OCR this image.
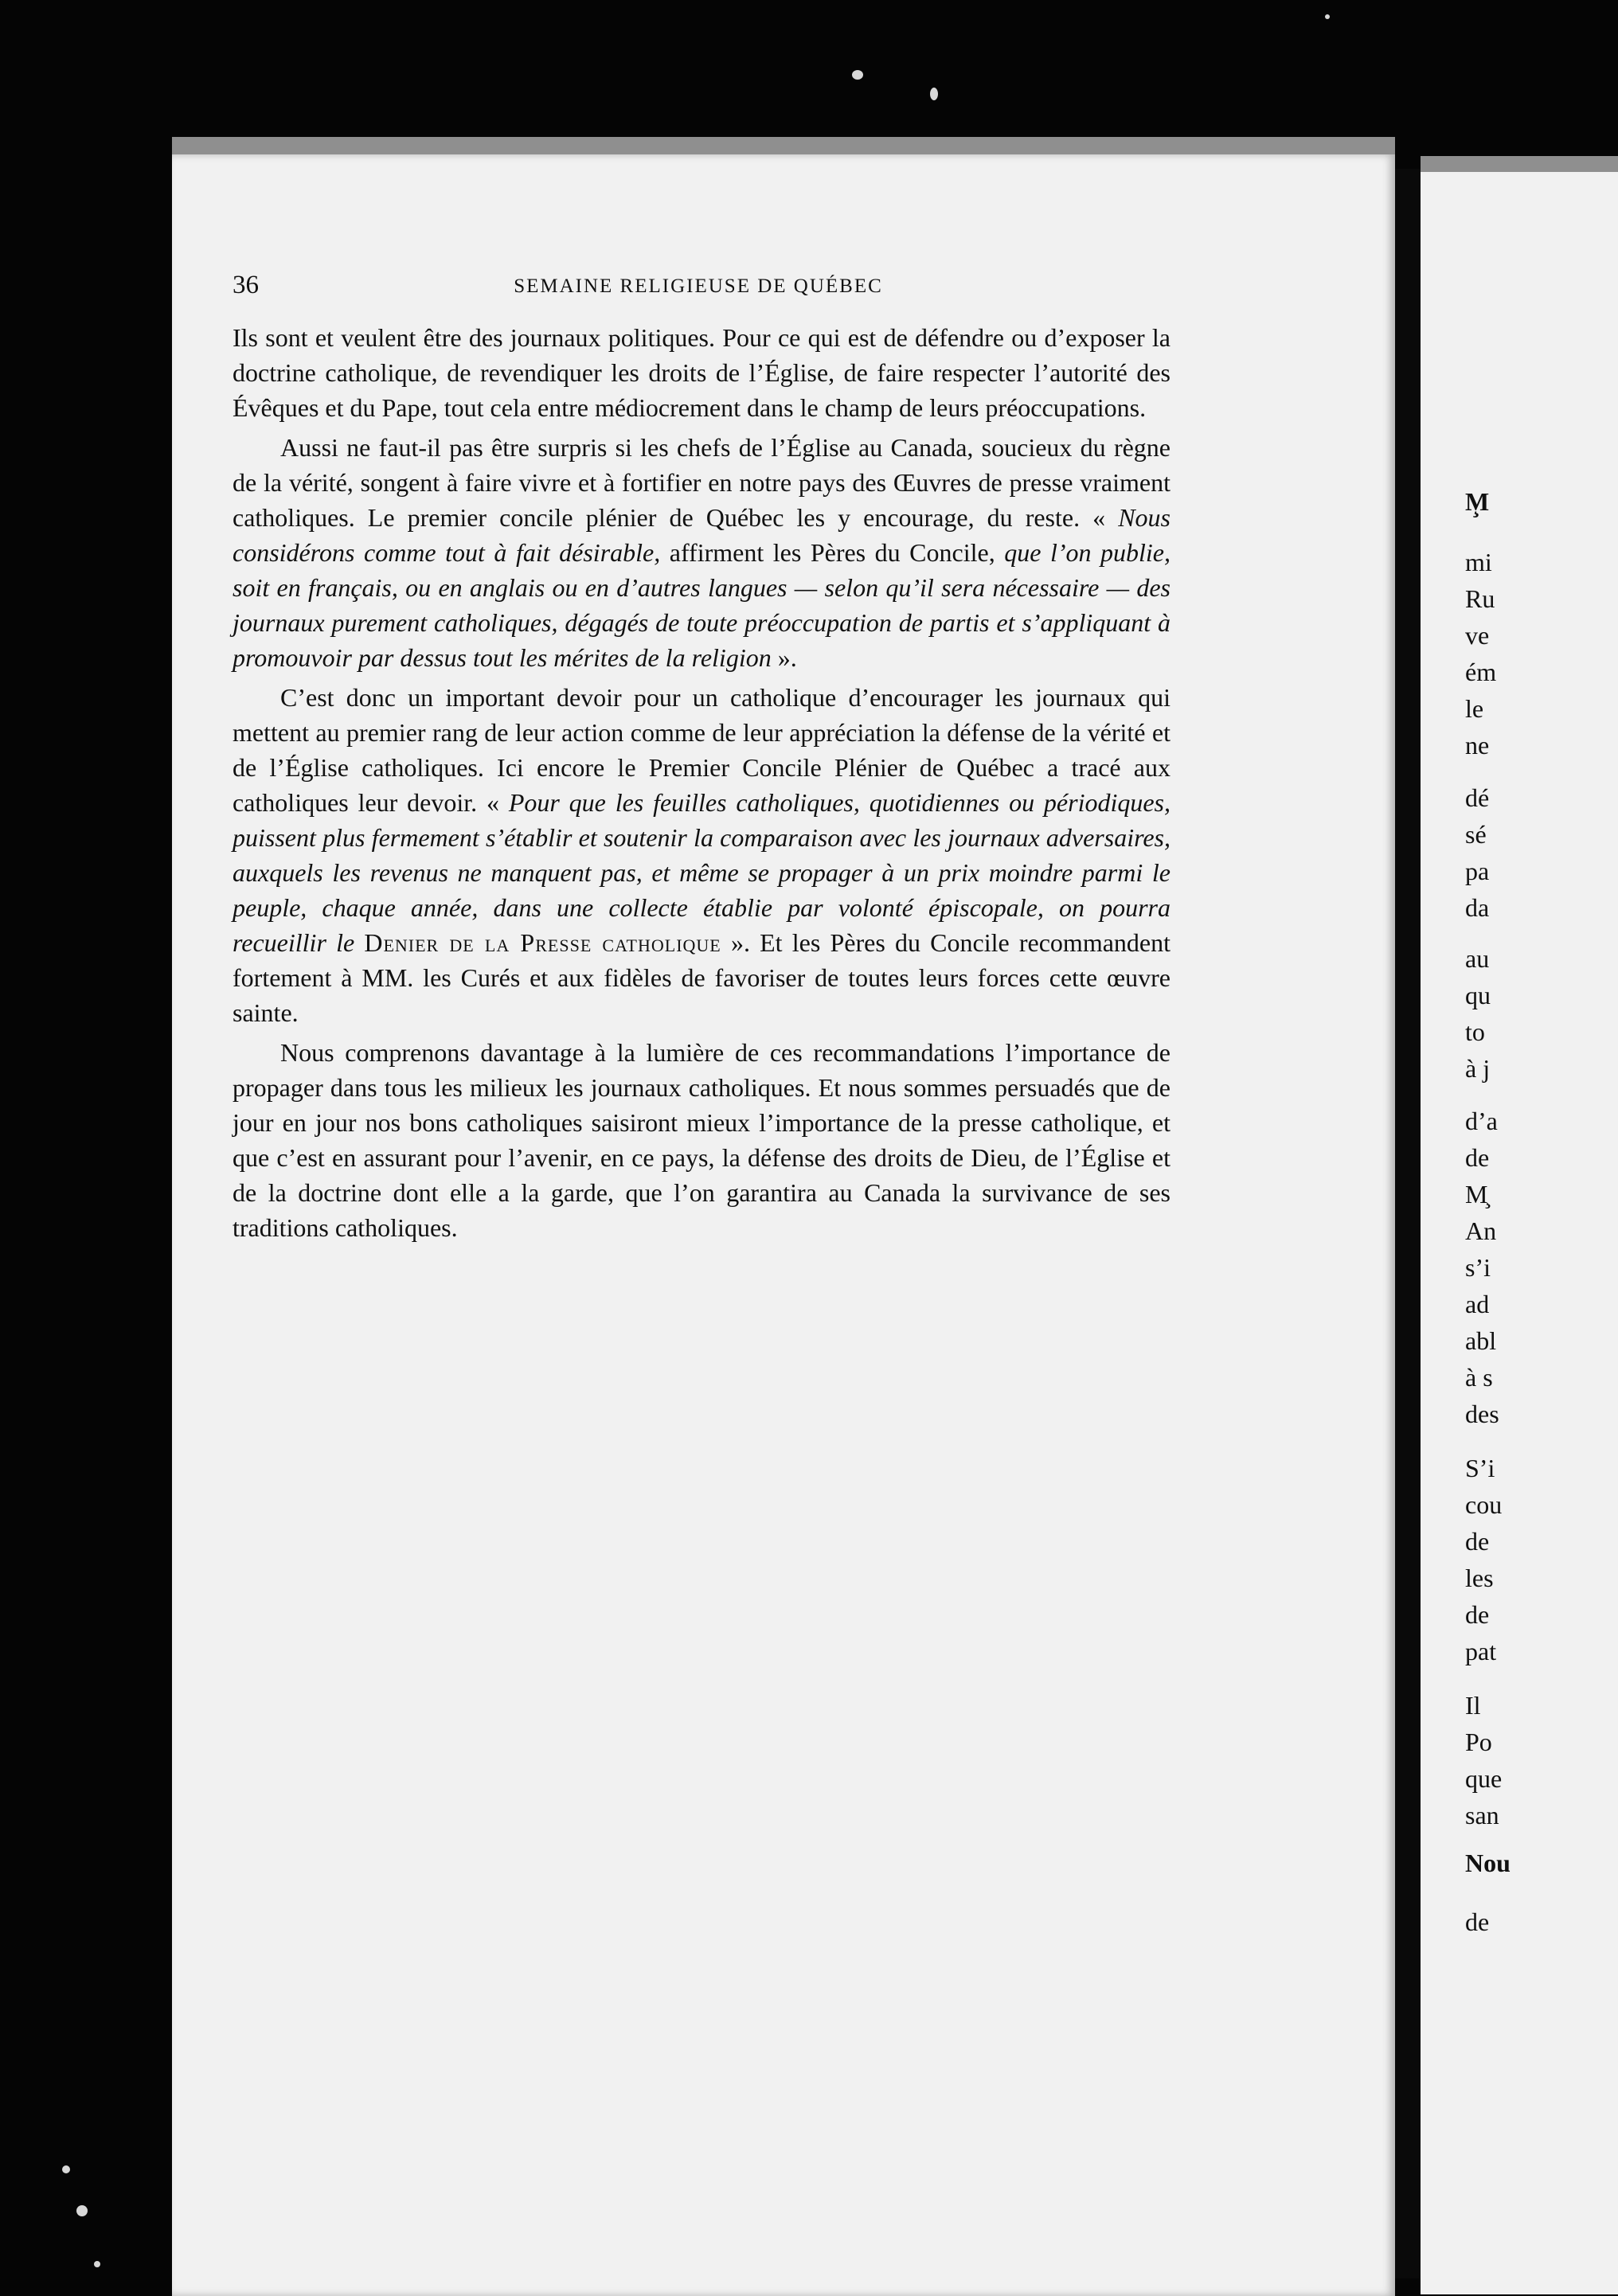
36	SEMAINE RELIGIEUSE DE QUÉBEC

Ils sont et veulent être des journaux politiques. Pour ce qui est de défendre ou d’exposer la doctrine catholique, de revendiquer les droits de l’Église, de faire respecter l’autorité des Évêques et du Pape, tout cela entre médiocrement dans le champ de leurs préoccupations.

Aussi ne faut-il pas être surpris si les chefs de l’Église au Canada, soucieux du règne de la vérité, songent à faire vivre et à fortifier en notre pays des Œuvres de presse vraiment catholiques. Le premier concile plénier de Québec les y encourage, du reste. « Nous considérons comme tout à fait désirable, affirment les Pères du Concile, que l’on publie, soit en français, ou en anglais ou en d’autres langues — selon qu’il sera nécessaire — des journaux purement catholiques, dégagés de toute préoccupation de partis et s’appliquant à promouvoir par dessus tout les mérites de la religion ».

C’est donc un important devoir pour un catholique d’encourager les journaux qui mettent au premier rang de leur action comme de leur appréciation la défense de la vérité et de l’Église catholiques. Ici encore le Premier Concile Plénier de Québec a tracé aux catholiques leur devoir. « Pour que les feuilles catholiques, quotidiennes ou périodiques, puissent plus fermement s’établir et soutenir la comparaison avec les journaux adversaires, auxquels les revenus ne manquent pas, et même se propager à un prix moindre parmi le peuple, chaque année, dans une collecte établie par volonté épiscopale, on pourra recueillir le Denier de la Presse catholique ». Et les Pères du Concile recommandent fortement à MM. les Curés et aux fidèles de favoriser de toutes leurs forces cette œuvre sainte.

Nous comprenons davantage à la lumière de ces recommandations l’importance de propager dans tous les milieux les journaux catholiques. Et nous sommes persuadés que de jour en jour nos bons catholiques saisiront mieux l’importance de la presse catholique, et que c’est en assurant pour l’avenir, en ce pays, la défense des droits de Dieu, de l’Église et de la doctrine dont elle a la garde, que l’on garantira au Canada la survivance de ses traditions catholiques.

M̧
mi
Ru
ve
ém
le
ne
dé
sé
pa
da
au
qu
to
à j
d’a
de
M̧
An
s’i
ad
abl
à s
des
S’i
cou
de
les
de
pat
Il
Po
que
san
Nou
de
